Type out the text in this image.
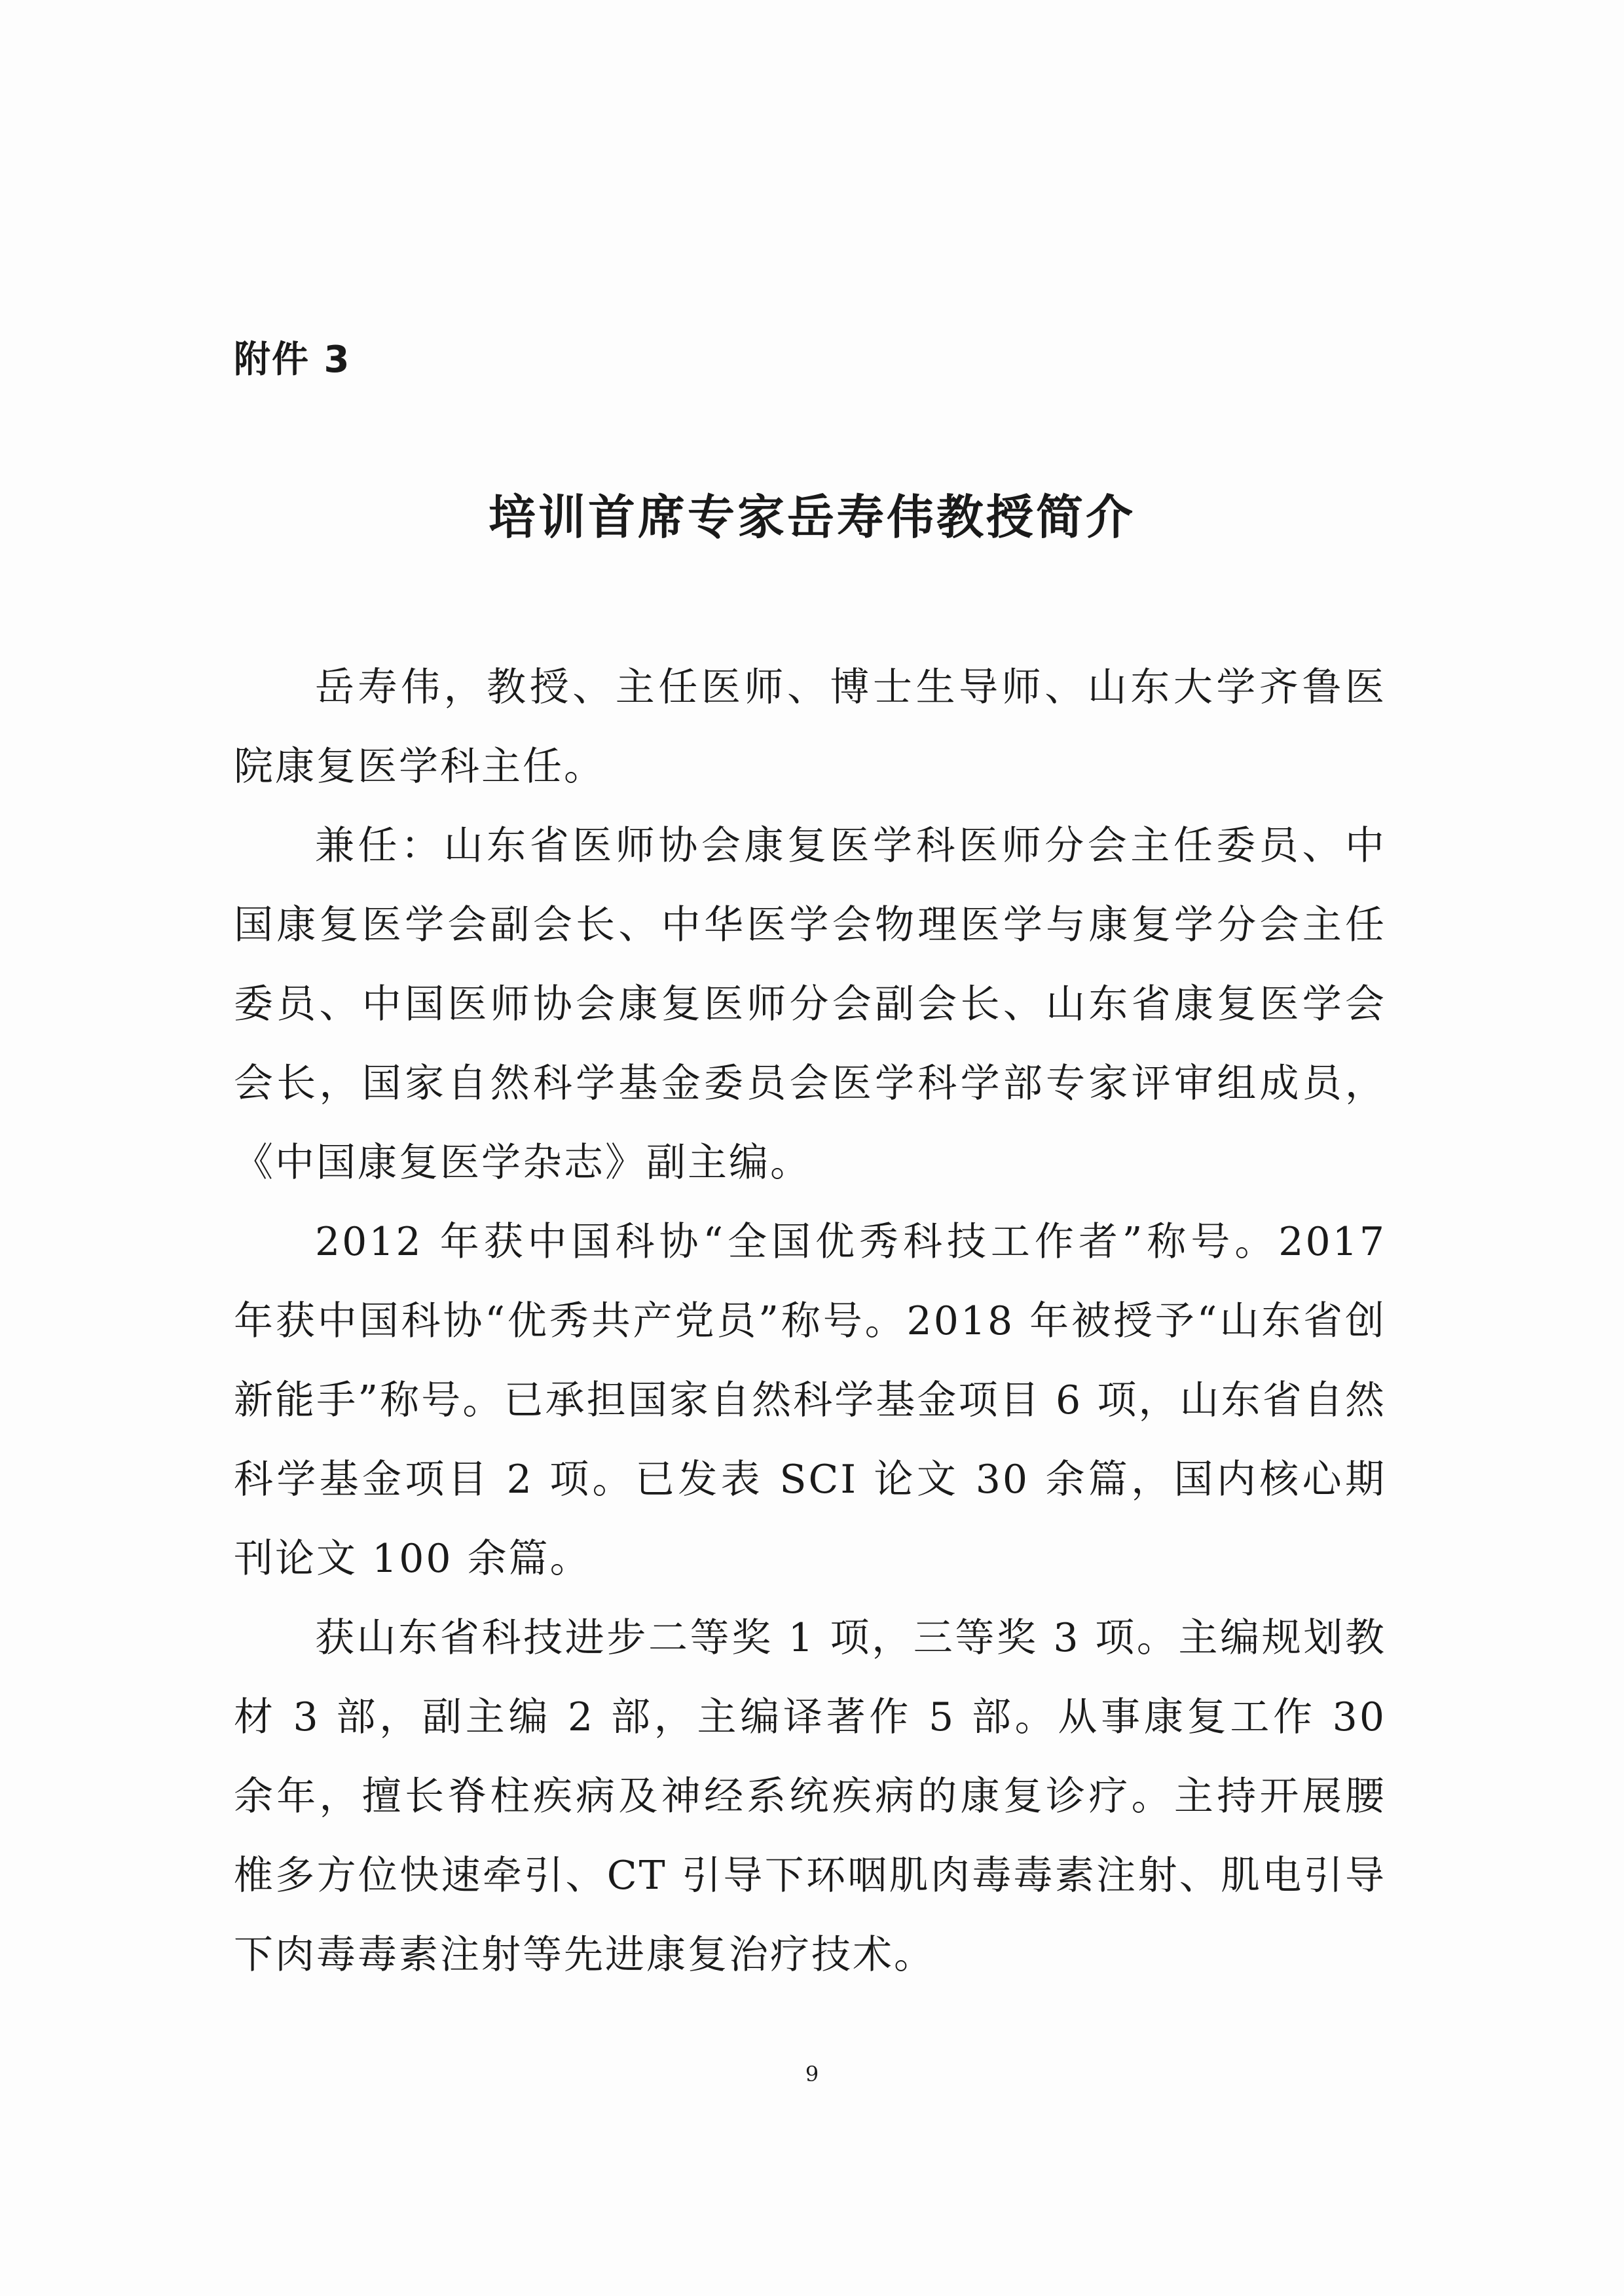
附件 3
培训首席专家岳寿伟教授简介

岳寿伟，教授、主任医师、博士生导师、山东大学齐鲁医院康复医学科主任。

兼任：山东省医师协会康复医学科医师分会主任委员、中国康复医学会副会长、中华医学会物理医学与康复学分会主任委员、中国医师协会康复医师分会副会长、山东省康复医学会会长，国家自然科学基金委员会医学科学部专家评审组成员，《中国康复医学杂志》副主编。

2012 年获中国科协“全国优秀科技工作者”称号。2017 年获中国科协“优秀共产党员”称号。2018 年被授予“山东省创新能手”称号。已承担国家自然科学基金项目 6 项，山东省自然科学基金项目 2 项。已发表 SCI 论文 30 余篇，国内核心期刊论文 100 余篇。

获山东省科技进步二等奖 1 项，三等奖 3 项。主编规划教材 3 部，副主编 2 部，主编译著作 5 部。从事康复工作 30 余年，擅长脊柱疾病及神经系统疾病的康复诊疗。主持开展腰椎多方位快速牵引、CT 引导下环咽肌肉毒毒素注射、肌电引导下肉毒毒素注射等先进康复治疗技术。

9
